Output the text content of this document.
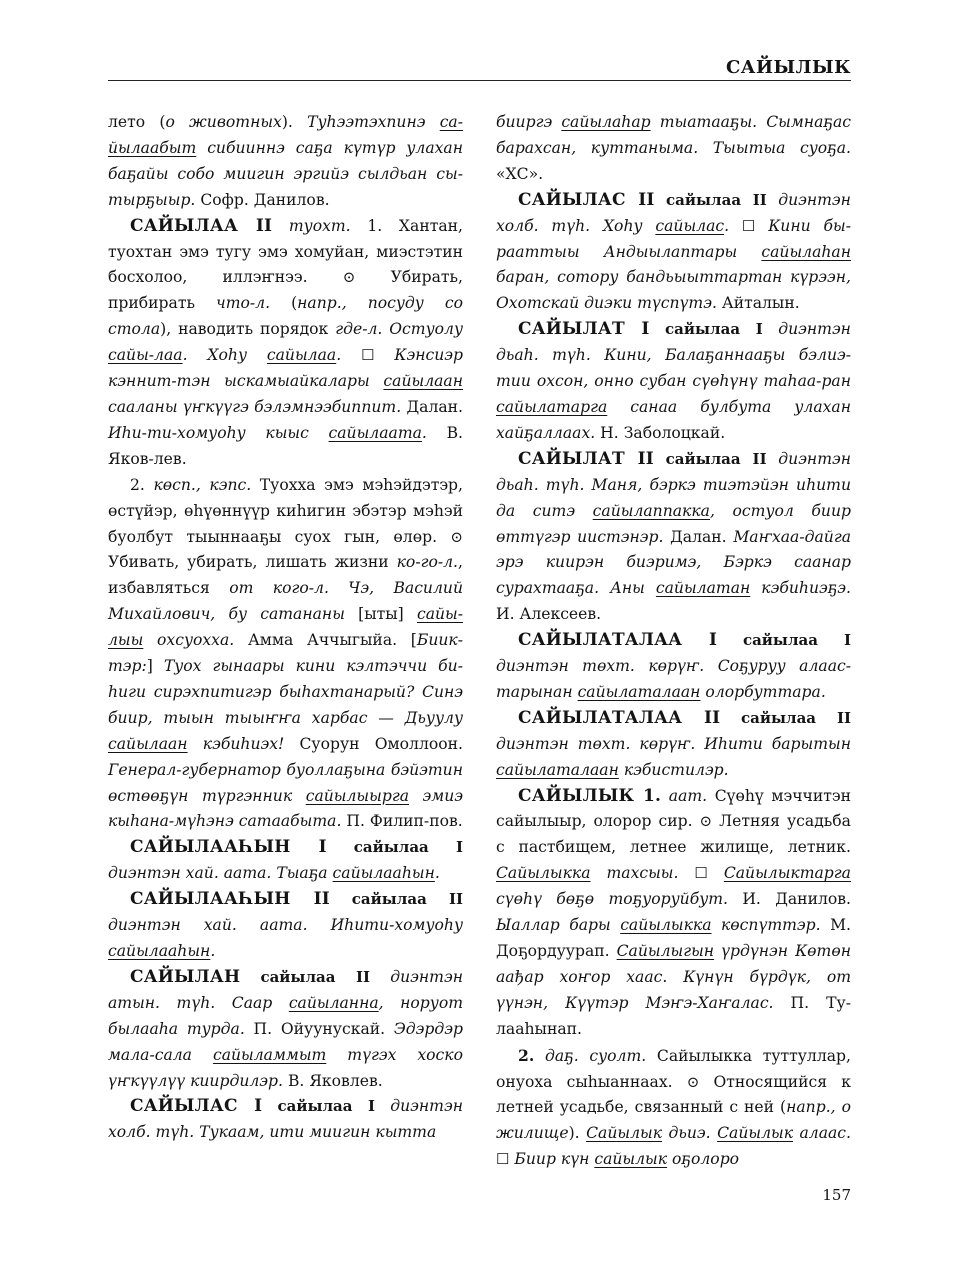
САЙЫЛЫК

лето (о животных). Туһээтэхпинэ са-йылаабыт сибииннэ саҕа күтүр улахан баҕайы собо миигин эргийэ сылдьан сы-тырҕыыр. Софр. Данилов.

САЙЫЛАА II туохт. 1. Хантан, туохтан эмэ тугу эмэ хомуйан, миэстэтин босхолоо, иллэҥнээ. ⊙ Убирать, прибирать что-л. (напр., посуду со стола), наводить порядок где-л. Остуолу сайы-лаа. Хоһу сайылаа. ☐ Кэнсиэр кэннит-тэн ыскамыайкалары сайылаан сааланы үҥкүүгэ бэлэмнээбиппит. Далан. Иһи-ти-хомуоһу кыыс сайылаата. В. Яков-лев.

2. көсп., кэпс. Туохха эмэ мэһэйдэтэр, өстүйэр, өһүөннүүр киһигин эбэтэр мэһэй буолбут тыыннааҕы суох гын, өлөр. ⊙ Убивать, убирать, лишать жизни ко-го-л., избавляться от кого-л. Чэ, Василий Михайлович, бу сатананы [ыты] сайы-лыы охсуохха. Амма Аччыгыйа. [Биик-тэр:] Туох гынаары кини кэлтэччи би-һиги сирэхпитигэр быһахтанарый? Синэ биир, тыын тыыҥҥа харбас — Дьуулу сайылаан кэбиһиэх! Суорун Омоллоон. Генерал-губернатор буоллаҕына бэйэтин өстөөҕүн түргэнник сайылыырга эмиэ кыһана-мүһэнэ сатаабыта. П. Филип-пов.

САЙЫЛААҺЫН I сайылаа I диэнтэн хай. аата. Тыаҕа сайылааһын.

САЙЫЛААҺЫН II сайылаа II диэнтэн хай. аата. Иһити-хомуоһу сайылааһын.

САЙЫЛАН сайылаа II диэнтэн атын. түһ. Саар сайыланна, норуот былааһа турда. П. Ойуунускай. Эдэрдэр мала-сала сайыламмыт түгэх хоско үҥкүүлүү киирдилэр. В. Яковлев.

САЙЫЛАС I сайылаа I диэнтэн холб. түһ. Тукаам, ити миигин кытта

бииргэ сайылаһар тыатааҕы. Сымнаҕас барахсан, куттаныма. Тыытыа суоҕа. «ХС».

САЙЫЛАС II сайылаа II диэнтэн холб. түһ. Хоһу сайылас. ☐ Кини бы-рааттыы Андыылаптары сайылаһан баран, сотору бандьыыттартан күрээн, Охотскай диэки түспүтэ. Айталын.

САЙЫЛАТ I сайылаа I диэнтэн дьаһ. түһ. Кини, Балаҕаннааҕы бэлиэ-тии охсон, онно субан сүөһүнү таһаа-ран сайылатарга санаа булбута улахан хайҕаллаах. Н. Заболоцкай.

САЙЫЛАТ II сайылаа II диэнтэн дьаһ. түһ. Маня, бэркэ тиэтэйэн иһити да ситэ сайылаппакка, остуол биир өттүгэр иистэнэр. Далан. Маҥхаа-дайга эрэ киирэн биэримэ, Бэркэ саанар сурахтааҕа. Аны сайылатан кэбиһиэҕэ. И. Алексеев.

САЙЫЛАТАЛАА I сайылаа I диэнтэн төхт. көрүҥ. Соҕуруу алаас-тарынан сайылаталаан олорбуттара.

САЙЫЛАТАЛАА II сайылаа II диэнтэн төхт. көрүҥ. Иһити барытын сайылаталаан кэбистилэр.

САЙЫЛЫК 1. аат. Сүөһү мэччитэн сайылыыр, олорор сир. ⊙ Летняя усадьба с пастбищем, летнее жилище, летник. Сайылыкка тахсыы. ☐ Сайылыктарга сүөһү бөҕө тоҕуоруйбут. И. Данилов. Ыаллар бары сайылыкка көспүттэр. М. Доҕордуурап. Сайылыгын үрдүнэн Көтөн аађар хоҥор хаас. Күнүн бүрдүк, от үүнэн, Күүтэр Мэҥэ-Хаҥалас. П. Ту-лааһынап.

2. даҕ. суолт. Сайылыкка туттуллар, онуоха сыһыаннаах. ⊙ Относящийся к летней усадьбе, связанный с ней (напр., о жилище). Сайылык дьиэ. Сайылык алаас. ☐ Биир күн сайылык оҕолоро

157
